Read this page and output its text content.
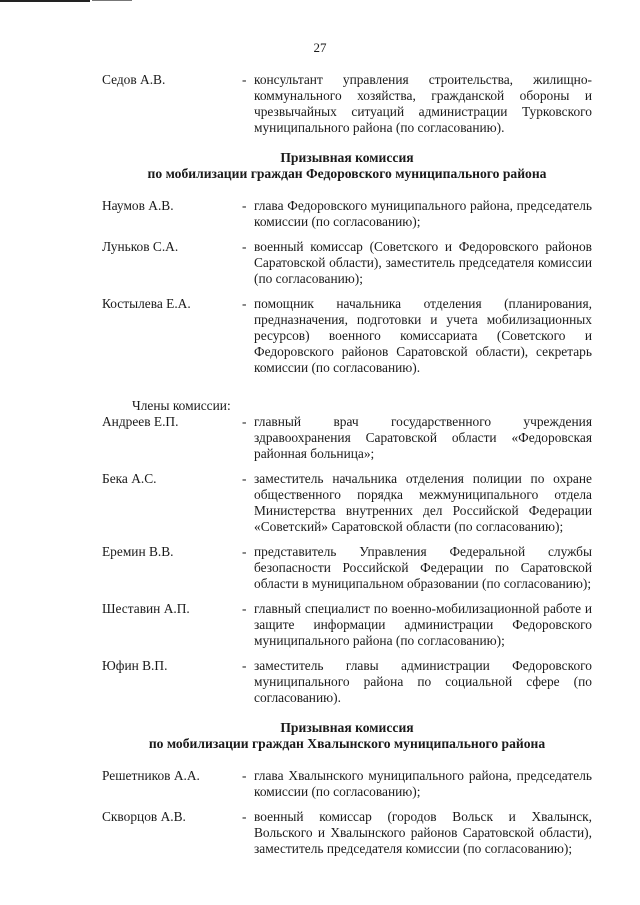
27
Седов А.В.	- консультант управления строительства, жилищно-коммунального хозяйства, гражданской обороны и чрезвычайных ситуаций администрации Турковского муниципального района (по согласованию).
Призывная комиссия
по мобилизации граждан Федоровского муниципального района
Наумов А.В.	- глава Федоровского муниципального района, председатель комиссии (по согласованию);
Луньков С.А.	- военный комиссар (Советского и Федоровского районов Саратовской области), заместитель председателя комиссии (по согласованию);
Костылева Е.А.	- помощник начальника отделения (планирования, предназначения, подготовки и учета мобилизационных ресурсов) военного комиссариата (Советского и Федоровского районов Саратовской области), секретарь комиссии (по согласованию).
Члены комиссии:
Андреев Е.П.	- главный врач государственного учреждения здравоохранения Саратовской области «Федоровская районная больница»;
Бека А.С.	- заместитель начальника отделения полиции по охране общественного порядка межмуниципального отдела Министерства внутренних дел Российской Федерации «Советский» Саратовской области (по согласованию);
Еремин В.В.	- представитель Управления Федеральной службы безопасности Российской Федерации по Саратовской области в муниципальном образовании (по согласованию);
Шеставин А.П.	- главный специалист по военно-мобилизационной работе и защите информации администрации Федоровского муниципального района (по согласованию);
Юфин В.П.	- заместитель главы администрации Федоровского муниципального района по социальной сфере (по согласованию).
Призывная комиссия
по мобилизации граждан Хвалынского муниципального района
Решетников А.А.	- глава Хвалынского муниципального района, председатель комиссии (по согласованию);
Скворцов А.В.	- военный комиссар (городов Вольск и Хвалынск, Вольского и Хвалынского районов Саратовской области), заместитель председателя комиссии (по согласованию);
